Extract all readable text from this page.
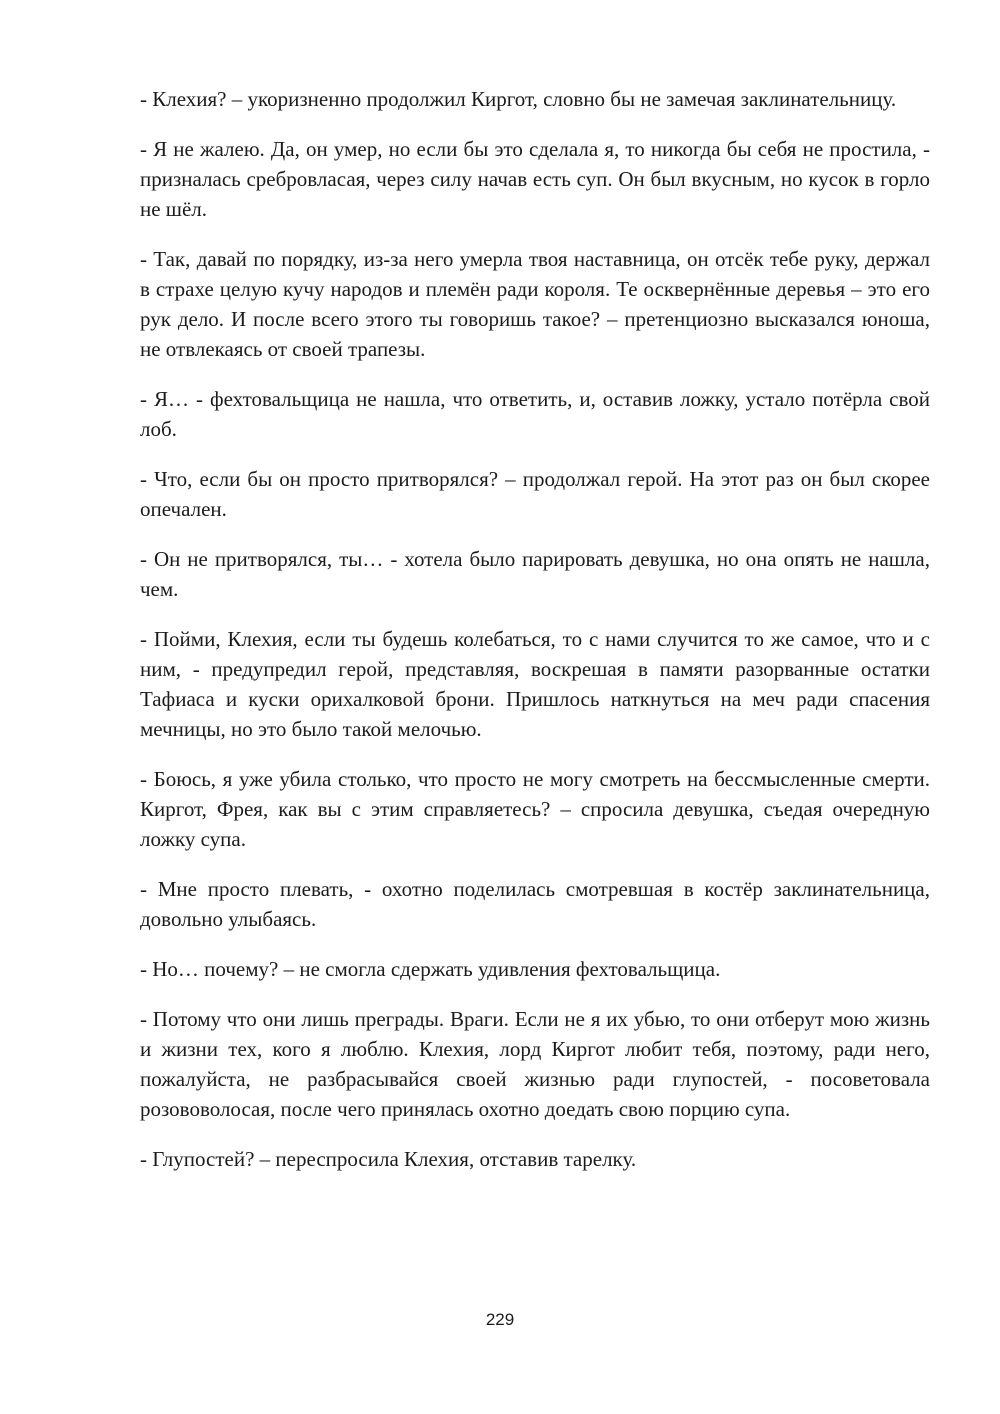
- Клехия? – укоризненно продолжил Киргот, словно бы не замечая заклинательницу.

- Я не жалею. Да, он умер, но если бы это сделала я, то никогда бы себя не простила, - призналась сребровласая, через силу начав есть суп. Он был вкусным, но кусок в горло не шёл.

- Так, давай по порядку, из-за него умерла твоя наставница, он отсёк тебе руку, держал в страхе целую кучу народов и племён ради короля. Те осквернённые деревья – это его рук дело. И после всего этого ты говоришь такое? – претенциозно высказался юноша, не отвлекаясь от своей трапезы.

- Я… - фехтовальщица не нашла, что ответить, и, оставив ложку, устало потёрла свой лоб.

- Что, если бы он просто притворялся? – продолжал герой. На этот раз он был скорее опечален.

- Он не притворялся, ты… - хотела было парировать девушка, но она опять не нашла, чем.

- Пойми, Клехия, если ты будешь колебаться, то с нами случится то же самое, что и с ним, - предупредил герой, представляя, воскрешая в памяти разорванные остатки Тафиаса и куски орихалковой брони. Пришлось наткнуться на меч ради спасения мечницы, но это было такой мелочью.

- Боюсь, я уже убила столько, что просто не могу смотреть на бессмысленные смерти. Киргот, Фрея, как вы с этим справляетесь? – спросила девушка, съедая очередную ложку супа.

- Мне просто плевать, - охотно поделилась смотревшая в костёр заклинательница, довольно улыбаясь.

- Но… почему? – не смогла сдержать удивления фехтовальщица.

- Потому что они лишь преграды. Враги. Если не я их убью, то они отберут мою жизнь и жизни тех, кого я люблю. Клехия, лорд Киргот любит тебя, поэтому, ради него, пожалуйста, не разбрасывайся своей жизнью ради глупостей, - посоветовала розововолосая, после чего принялась охотно доедать свою порцию супа.

- Глупостей? – переспросила Клехия, отставив тарелку.

229
